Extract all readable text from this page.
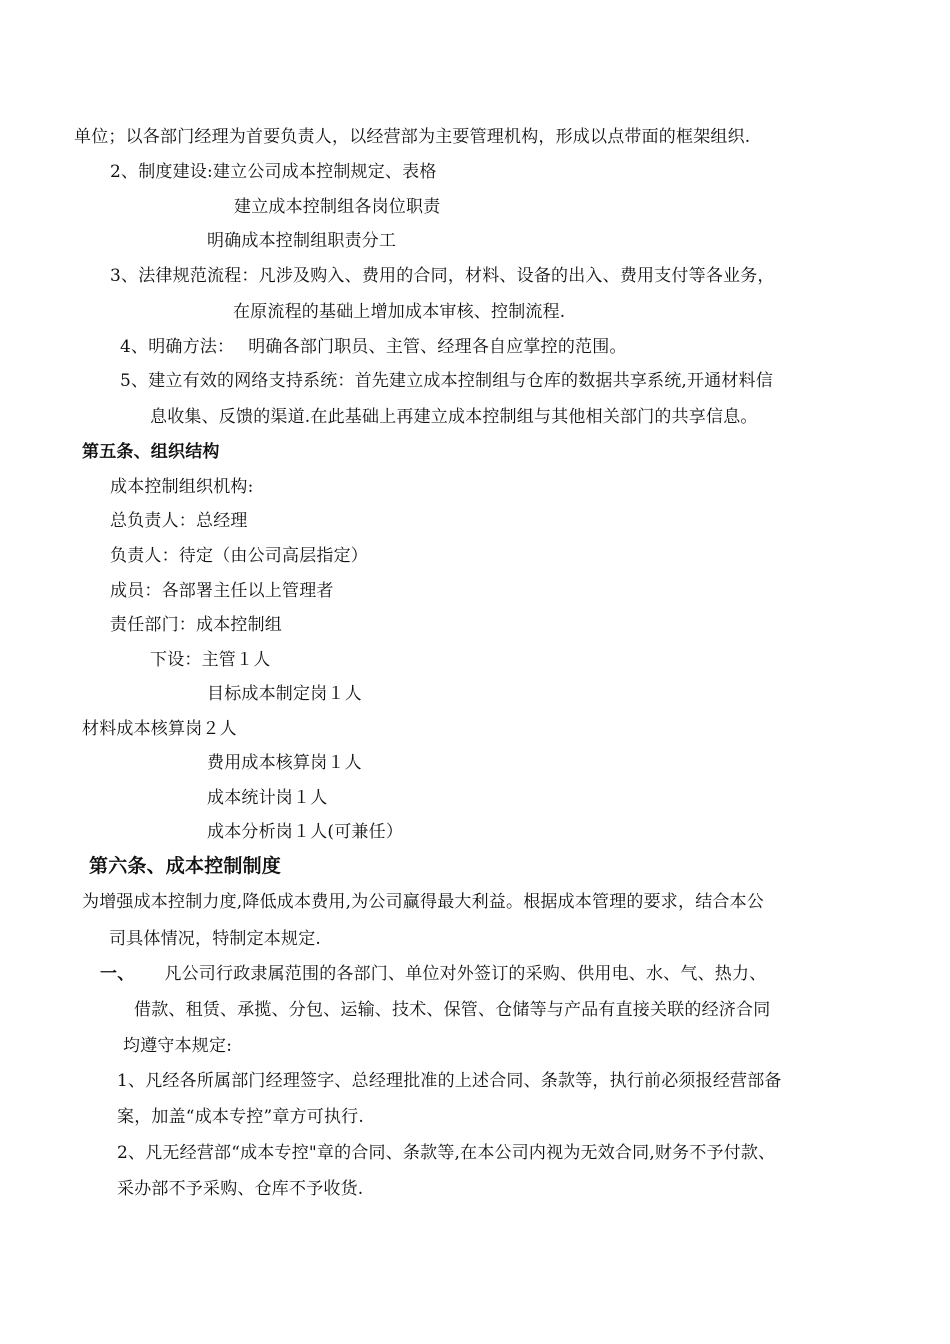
单位；以各部门经理为首要负责人，以经营部为主要管理机构，形成以点带面的框架组织.
2、制度建设:建立公司成本控制规定、表格
建立成本控制组各岗位职责
明确成本控制组职责分工
3、法律规范流程：凡涉及购入、费用的合同，材料、设备的出入、费用支付等各业务，
在原流程的基础上增加成本审核、控制流程.
4、明确方法： 明确各部门职员、主管、经理各自应掌控的范围。
5、建立有效的网络支持系统：首先建立成本控制组与仓库的数据共享系统,开通材料信
息收集、反馈的渠道.在此基础上再建立成本控制组与其他相关部门的共享信息。
第五条、组织结构
成本控制组织机构:
总负责人：总经理
负责人：待定（由公司高层指定）
成员：各部署主任以上管理者
责任部门：成本控制组
下设：主管１人
目标成本制定岗１人
材料成本核算岗２人
费用成本核算岗１人
成本统计岗１人
成本分析岗１人(可兼任）
第六条、成本控制制度
为增强成本控制力度,降低成本费用,为公司赢得最大利益。根据成本管理的要求，结合本公
司具体情况，特制定本规定.
一、 凡公司行政隶属范围的各部门、单位对外签订的采购、供用电、水、气、热力、
借款、租赁、承揽、分包、运输、技术、保管、仓储等与产品有直接关联的经济合同
均遵守本规定:
1、凡经各所属部门经理签字、总经理批准的上述合同、条款等，执行前必须报经营部备
案，加盖“成本专控”章方可执行.
2、凡无经营部“成本专控"章的合同、条款等,在本公司内视为无效合同,财务不予付款、
采办部不予采购、仓库不予收货.
